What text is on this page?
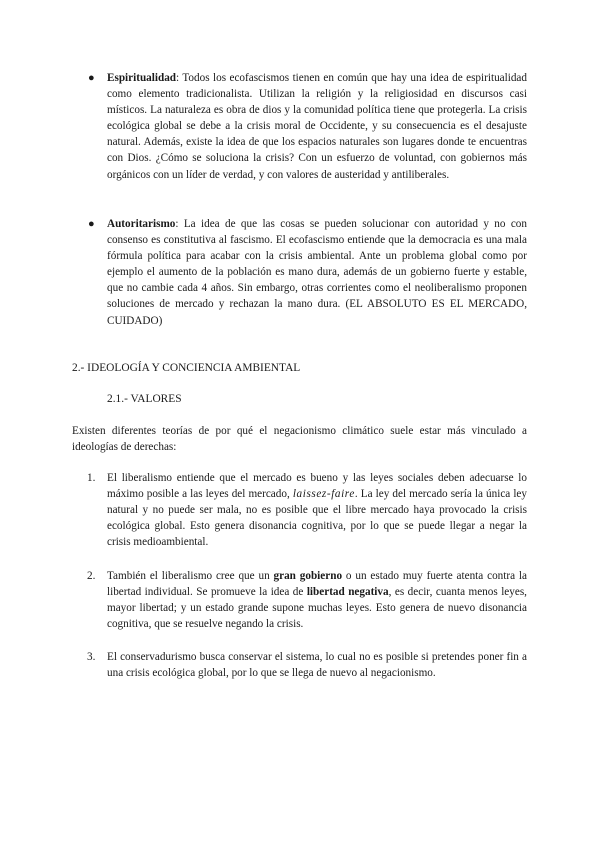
● Espiritualidad: Todos los ecofascismos tienen en común que hay una idea de espiritualidad como elemento tradicionalista. Utilizan la religión y la religiosidad en discursos casi místicos. La naturaleza es obra de dios y la comunidad política tiene que protegerla. La crisis ecológica global se debe a la crisis moral de Occidente, y su consecuencia es el desajuste natural. Además, existe la idea de que los espacios naturales son lugares donde te encuentras con Dios. ¿Cómo se soluciona la crisis? Con un esfuerzo de voluntad, con gobiernos más orgánicos con un líder de verdad, y con valores de austeridad y antiliberales.

● Autoritarismo: La idea de que las cosas se pueden solucionar con autoridad y no con consenso es constitutiva al fascismo. El ecofascismo entiende que la democracia es una mala fórmula política para acabar con la crisis ambiental. Ante un problema global como por ejemplo el aumento de la población es mano dura, además de un gobierno fuerte y estable, que no cambie cada 4 años. Sin embargo, otras corrientes como el neoliberalismo proponen soluciones de mercado y rechazan la mano dura. (EL ABSOLUTO ES EL MERCADO, CUIDADO)

2.- IDEOLOGÍA Y CONCIENCIA AMBIENTAL
2.1.- VALORES

Existen diferentes teorías de por qué el negacionismo climático suele estar más vinculado a ideologías de derechas:

1. El liberalismo entiende que el mercado es bueno y las leyes sociales deben adecuarse lo máximo posible a las leyes del mercado, laissez-faire. La ley del mercado sería la única ley natural y no puede ser mala, no es posible que el libre mercado haya provocado la crisis ecológica global. Esto genera disonancia cognitiva, por lo que se puede llegar a negar la crisis medioambiental.

2. También el liberalismo cree que un gran gobierno o un estado muy fuerte atenta contra la libertad individual. Se promueve la idea de libertad negativa, es decir, cuanta menos leyes, mayor libertad; y un estado grande supone muchas leyes. Esto genera de nuevo disonancia cognitiva, que se resuelve negando la crisis.

3. El conservadurismo busca conservar el sistema, lo cual no es posible si pretendes poner fin a una crisis ecológica global, por lo que se llega de nuevo al negacionismo.
